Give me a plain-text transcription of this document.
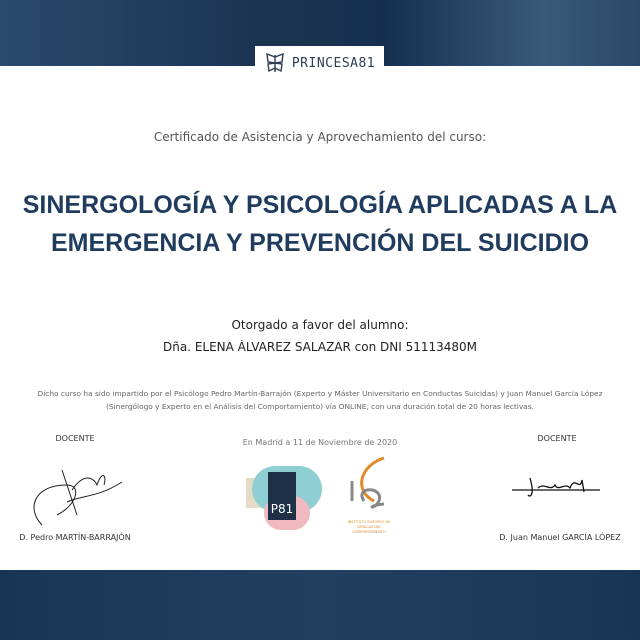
PRINCESA81
Certificado de Asistencia y Aprovechamiento del curso:
SINERGOLOGÍA Y PSICOLOGÍA APLICADAS A LA
EMERGENCIA Y PREVENCIÓN DEL SUICIDIO
Otorgado a favor del alumno:
Dña. ELENA ÁLVAREZ SALAZAR con DNI 51113480M
Dicho curso ha sido impartido por el Psicólogo Pedro Martín-Barrajón (Experto y Máster Universitario en Conductas Suicidas) y Juan Manuel García López
(Sinergólogo y Experto en el Análisis del Comportamiento) vía ONLINE, con una duración total de 20 horas lectivas.
DOCENTE
D. Pedro MARTÍN-BARRAJÓN
En Madrid a 11 de Noviembre de 2020
P81
INSTITUTO EUROPEO DE CIENCIAS DEL COMPORTAMIENTO
DOCENTE
D. Juan Manuel GARCÍA LÓPEZ
